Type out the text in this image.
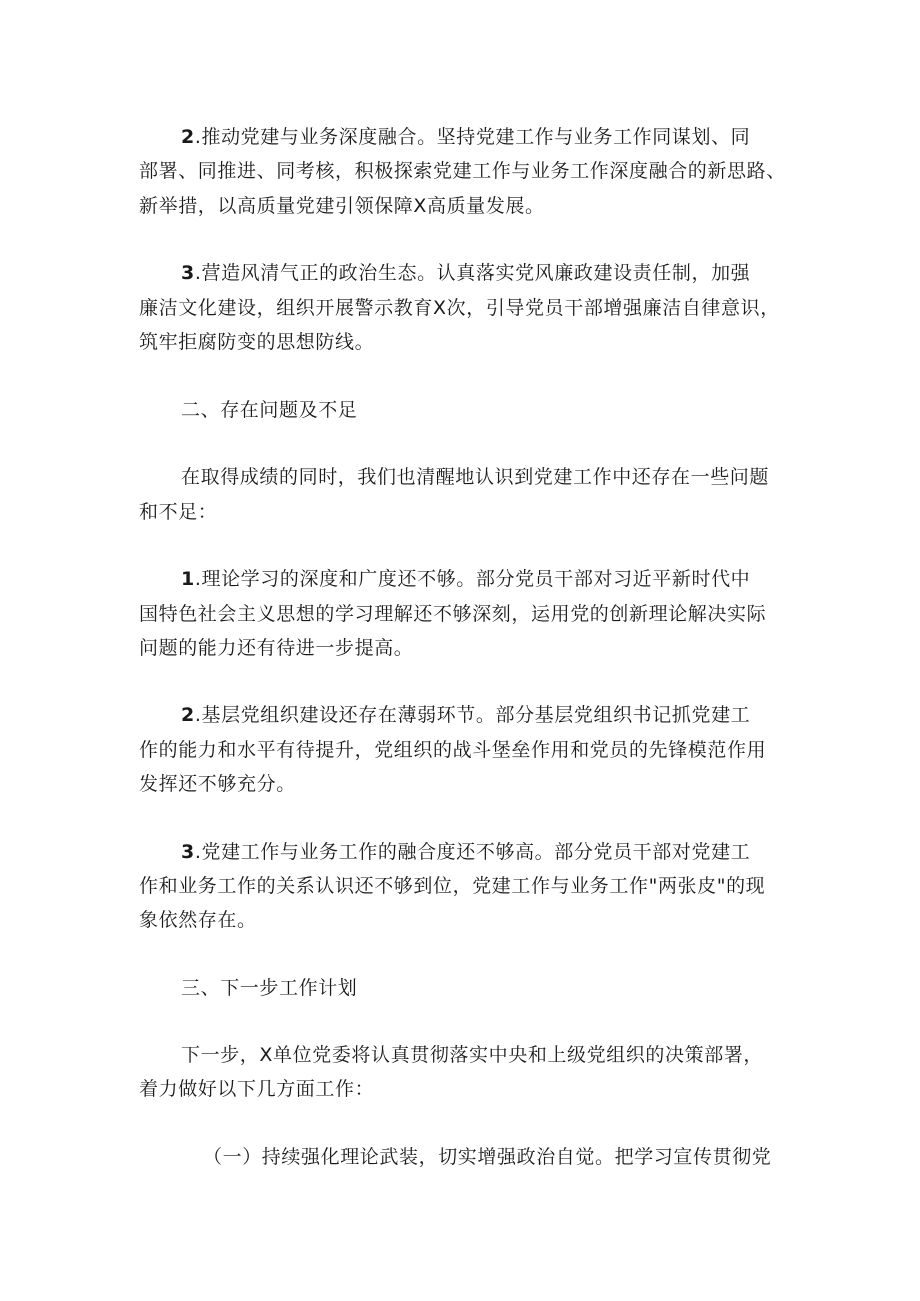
2.推动党建与业务深度融合。坚持党建工作与业务工作同谋划、同
部署、同推进、同考核，积极探索党建工作与业务工作深度融合的新思路、
新举措，以高质量党建引领保障X高质量发展。
3.营造风清气正的政治生态。认真落实党风廉政建设责任制，加强
廉洁文化建设，组织开展警示教育X次，引导党员干部增强廉洁自律意识，
筑牢拒腐防变的思想防线。
二、存在问题及不足
在取得成绩的同时，我们也清醒地认识到党建工作中还存在一些问题
和不足：
1.理论学习的深度和广度还不够。部分党员干部对习近平新时代中
国特色社会主义思想的学习理解还不够深刻，运用党的创新理论解决实际
问题的能力还有待进一步提高。
2.基层党组织建设还存在薄弱环节。部分基层党组织书记抓党建工
作的能力和水平有待提升，党组织的战斗堡垒作用和党员的先锋模范作用
发挥还不够充分。
3.党建工作与业务工作的融合度还不够高。部分党员干部对党建工
作和业务工作的关系认识还不够到位，党建工作与业务工作"两张皮"的现
象依然存在。
三、下一步工作计划
下一步，X单位党委将认真贯彻落实中央和上级党组织的决策部署，
着力做好以下几方面工作：
（一）持续强化理论武装，切实增强政治自觉。把学习宣传贯彻党
